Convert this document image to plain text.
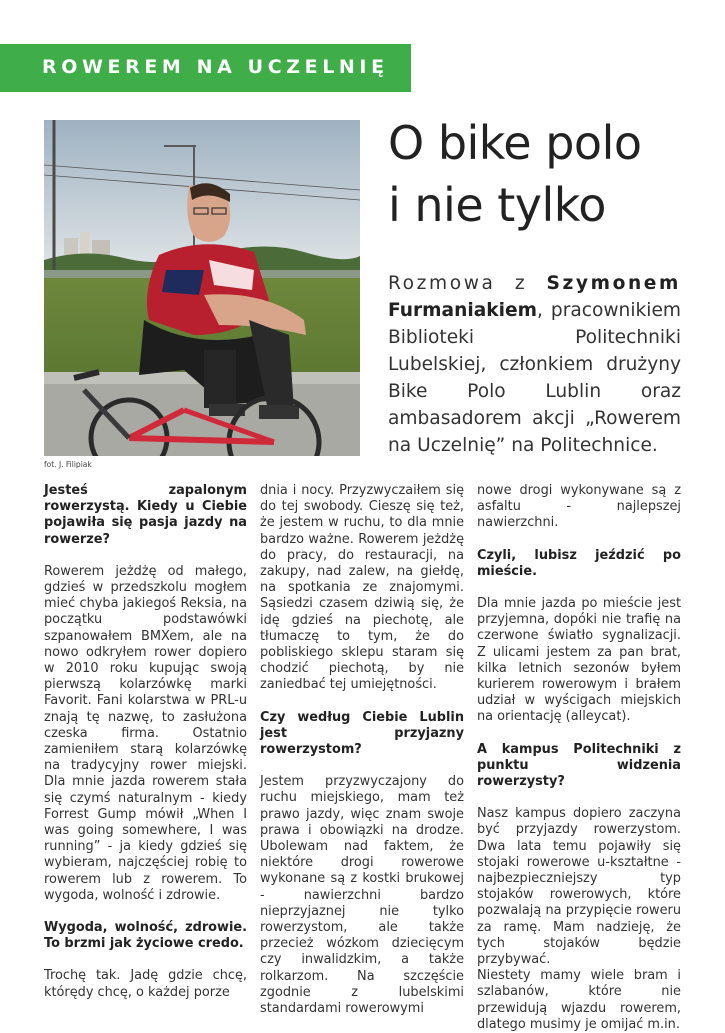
ROWEREM NA UCZELNIĘ
fot. J. Filipiak
O bike polo
i nie tylko
Rozmowa z Szymonem Furmaniakiem, pracownikiem Biblioteki Politechniki Lubelskiej, członkiem drużyny Bike Polo Lublin oraz ambasadorem akcji „Rowerem na Uczelnię” na Politechnice.

Jesteś zapalonym rowerzystą. Kiedy u Ciebie pojawiła się pasja jazdy na rowerze?

Rowerem jeżdżę od małego, gdzieś w przedszkolu mogłem mieć chyba jakiegoś Reksia, na początku podstawówki szpanowałem BMXem, ale na nowo odkryłem rower dopiero w 2010 roku kupując swoją pierwszą kolarzówkę marki Favorit. Fani kolarstwa w PRL-u znają tę nazwę, to zasłużona czeska firma. Ostatnio zamieniłem starą kolarzówkę na tradycyjny rower miejski. Dla mnie jazda rowerem stała się czymś naturalnym - kiedy Forrest Gump mówił „When I was going somewhere, I was running” - ja kiedy gdzieś się wybieram, najczęściej robię to rowerem lub z rowerem. To wygoda, wolność i zdrowie.

Wygoda, wolność, zdrowie. To brzmi jak życiowe credo.

Trochę tak. Jadę gdzie chcę, którędy chcę, o każdej porze

dnia i nocy. Przyzwyczaiłem się do tej swobody. Cieszę się też, że jestem w ruchu, to dla mnie bardzo ważne. Rowerem jeżdżę do pracy, do restauracji, na zakupy, nad zalew, na giełdę, na spotkania ze znajomymi. Sąsiedzi czasem dziwią się, że idę gdzieś na piechotę, ale tłumaczę to tym, że do pobliskiego sklepu staram się chodzić piechotą, by nie zaniedbać tej umiejętności.

Czy według Ciebie Lublin jest przyjazny rowerzystom?

Jestem przyzwyczajony do ruchu miejskiego, mam też prawo jazdy, więc znam swoje prawa i obowiązki na drodze. Ubolewam nad faktem, że niektóre drogi rowerowe wykonane są z kostki brukowej - nawierzchni bardzo nieprzyjaznej nie tylko rowerzystom, ale także przecież wózkom dziecięcym czy inwalidzkim, a także rolkarzom. Na szczęście zgodnie z lubelskimi standardami rowerowymi

nowe drogi wykonywane są z asfaltu - najlepszej nawierzchni.

Czyli, lubisz jeździć po mieście.

Dla mnie jazda po mieście jest przyjemna, dopóki nie trafię na czerwone światło sygnalizacji. Z ulicami jestem za pan brat, kilka letnich sezonów byłem kurierem rowerowym i brałem udział w wyścigach miejskich na orientację (alleycat).

A kampus Politechniki z punktu widzenia rowerzysty?

Nasz kampus dopiero zaczyna być przyjazdy rowerzystom. Dwa lata temu pojawiły się stojaki rowerowe u-kształtne - najbezpieczniejszy typ stojaków rowerowych, które pozwalają na przypięcie roweru za ramę. Mam nadzieję, że tych stojaków będzie przybywać.

Niestety mamy wiele bram i szlabanów, które nie przewidują wjazdu rowerem, dlatego musimy je omijać m.in.
